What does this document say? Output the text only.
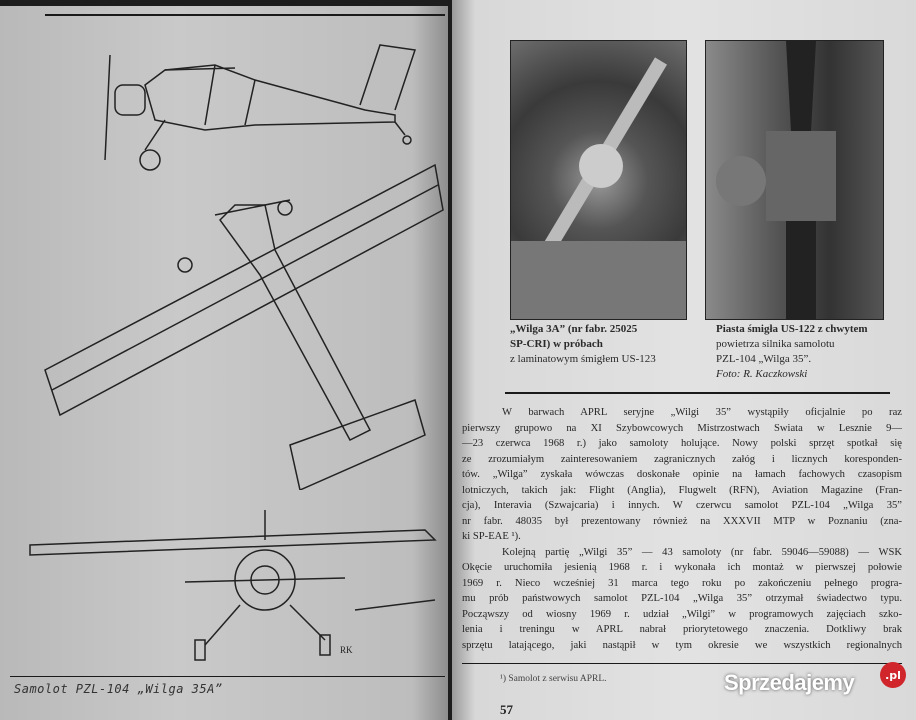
RK
Samolot PZL-104 „Wilga 35A”
„Wilga 3A” (nr fabr. 25025
SP-CRI) w próbach
z laminatowym śmigłem US-123
Piasta śmigła US-122 z chwytem
powietrza silnika samolotu
PZL-104 „Wilga 35”.
Foto: R. Kaczkowski
W barwach APRL seryjne „Wilgi 35” wystąpiły oficjalnie po raz
pierwszy grupowo na XI Szybowcowych Mistrzostwach Swiata w Lesznie 9—
—23 czerwca 1968 r.) jako samoloty holujące. Nowy polski sprzęt spotkał się
ze zrozumiałym zainteresowaniem zagranicznych załóg i licznych koresponden-
tów. „Wilga” zyskała wówczas doskonałe opinie na łamach fachowych czasopism
lotniczych, takich jak: Flight (Anglia), Flugwelt (RFN), Aviation Magazine (Fran-
cja), Interavia (Szwajcaria) i innych. W czerwcu samolot PZL-104 „Wilga 35”
nr fabr. 48035 był prezentowany również na XXXVII MTP w Poznaniu (zna-
ki SP-EAE ¹).
Kolejną partię „Wilgi 35” — 43 samoloty (nr fabr. 59046—59088) — WSK
Okęcie uruchomiła jesienią 1968 r. i wykonała ich montaż w pierwszej połowie
1969 r. Nieco wcześniej 31 marca tego roku po zakończeniu pełnego progra-
mu prób państwowych samolot PZL-104 „Wilga 35” otrzymał świadectwo typu.
Począwszy od wiosny 1969 r. udział „Wilgi” w programowych zajęciach szko-
lenia i treningu w APRL nabrał priorytetowego znaczenia. Dotkliwy brak
sprzętu latającego, jaki nastąpił w tym okresie we wszystkich regionalnych
¹) Samolot z serwisu APRL.
57
Sprzedajemy	.pl
